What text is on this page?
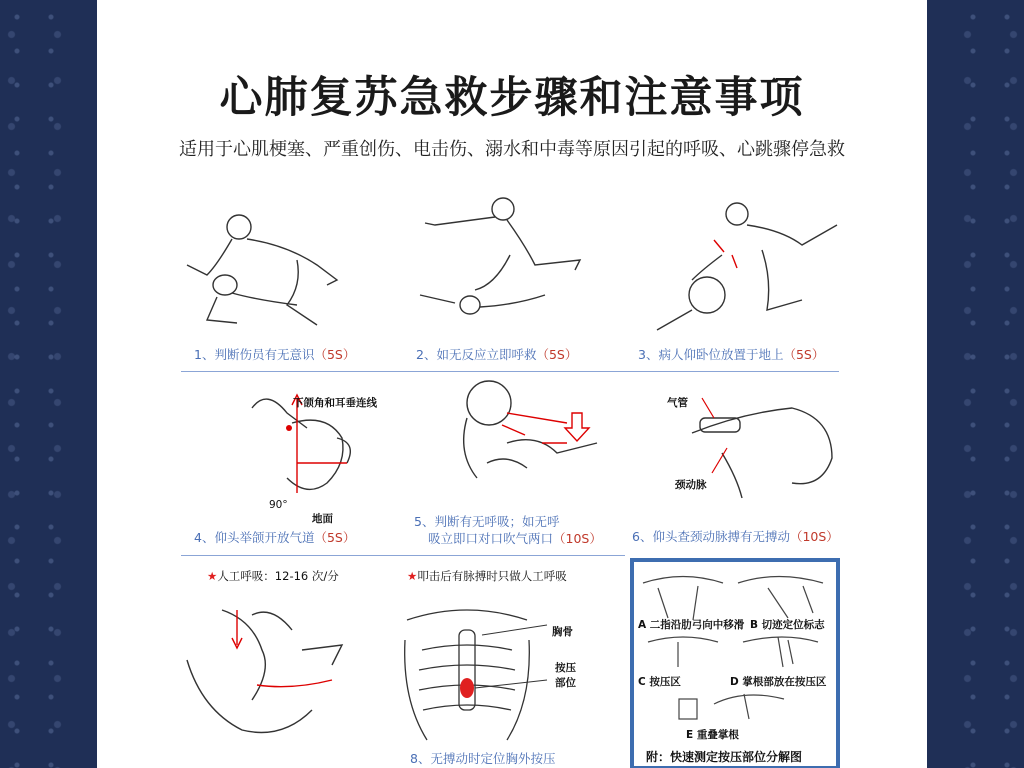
心肺复苏急救步骤和注意事项
适用于心肌梗塞、严重创伤、电击伤、溺水和中毒等原因引起的呼吸、心跳骤停急救
1、判断伤员有无意识（5S）	2、如无反应立即呼救（5S）	3、病人仰卧位放置于地上（5S）
下颌角和耳垂连线
地面
90°
气管
颈动脉
4、仰头举颌开放气道（5S）
5、判断有无呼吸；如无呼
吸立即口对口吹气两口（10S） 6、仰头查颈动脉搏有无搏动（10S）
★人工呼吸：12-16 次/分	★叩击后有脉搏时只做人工呼吸
胸骨
按压
部位
8、无搏动时定位胸外按压
A 二指沿肋弓向中移滑 B 切迹定位标志
C 按压区	D 掌根部放在按压区
E 重叠掌根
附：快速测定按压部位分解图
